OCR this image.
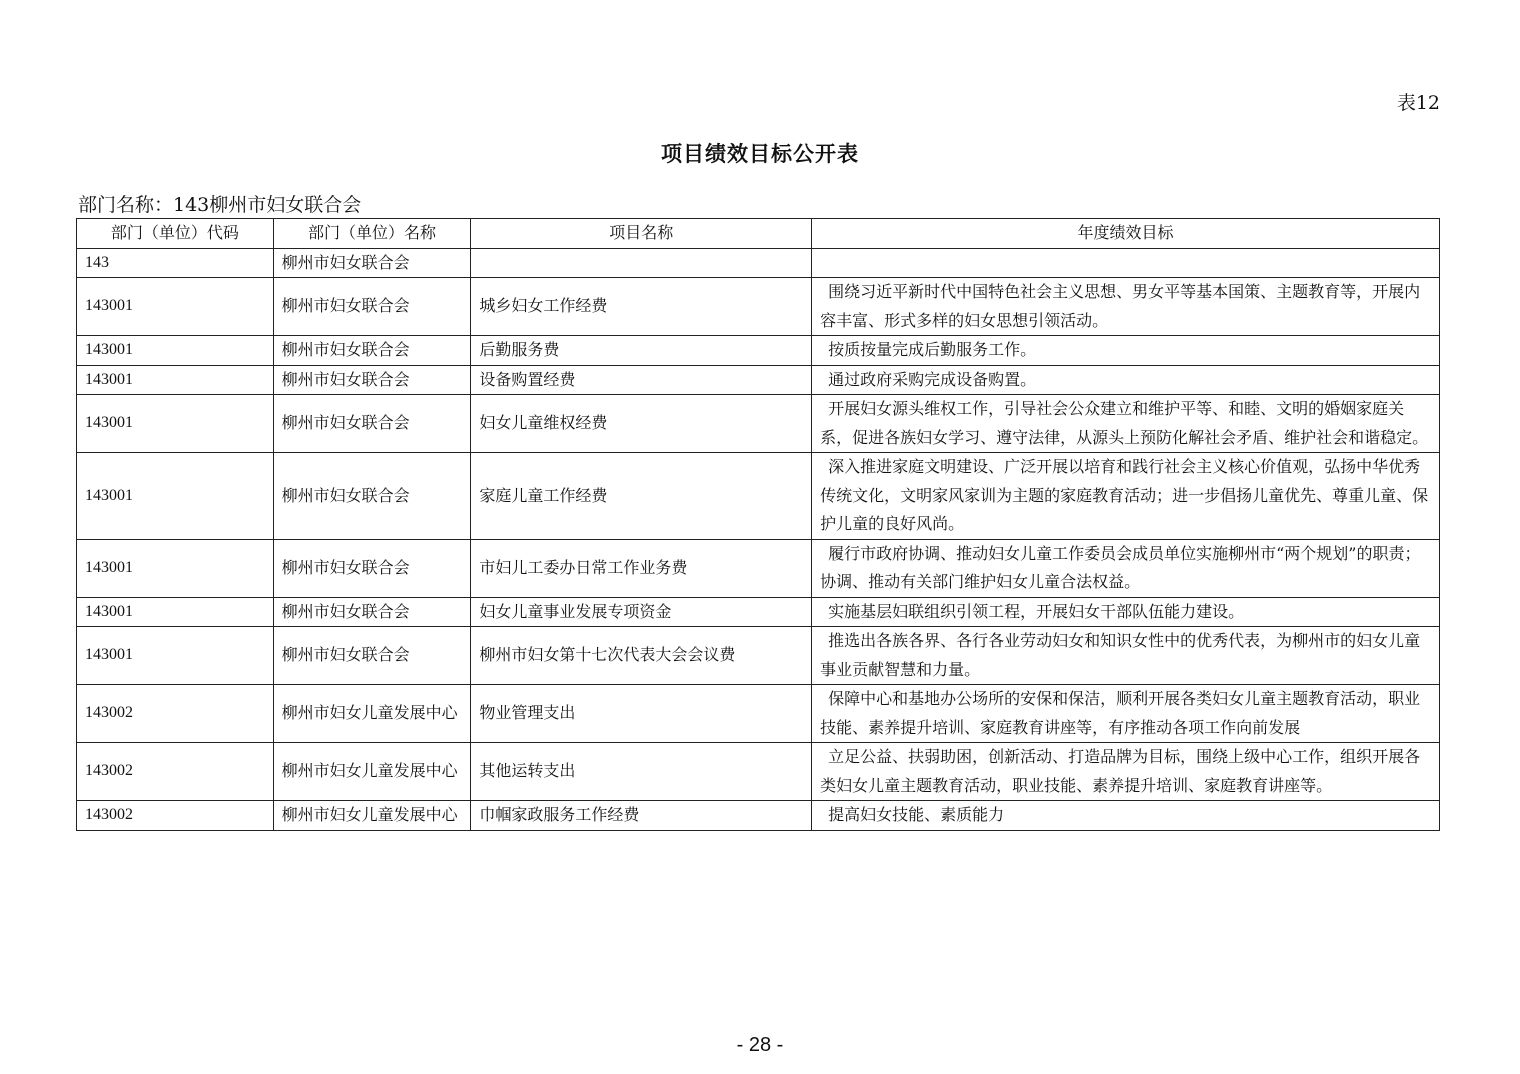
表12
项目绩效目标公开表
部门名称：143柳州市妇女联合会
部门（单位）代码	部门（单位）名称	项目名称	年度绩效目标
143	柳州市妇女联合会		
143001	柳州市妇女联合会	城乡妇女工作经费	围绕习近平新时代中国特色社会主义思想、男女平等基本国策、主题教育等，开展内容丰富、形式多样的妇女思想引领活动。
143001	柳州市妇女联合会	后勤服务费	按质按量完成后勤服务工作。
143001	柳州市妇女联合会	设备购置经费	通过政府采购完成设备购置。
143001	柳州市妇女联合会	妇女儿童维权经费	开展妇女源头维权工作，引导社会公众建立和维护平等、和睦、文明的婚姻家庭关系，促进各族妇女学习、遵守法律，从源头上预防化解社会矛盾、维护社会和谐稳定。
143001	柳州市妇女联合会	家庭儿童工作经费	深入推进家庭文明建设、广泛开展以培育和践行社会主义核心价值观，弘扬中华优秀传统文化，文明家风家训为主题的家庭教育活动；进一步倡扬儿童优先、尊重儿童、保护儿童的良好风尚。
143001	柳州市妇女联合会	市妇儿工委办日常工作业务费	履行市政府协调、推动妇女儿童工作委员会成员单位实施柳州市“两个规划”的职责；协调、推动有关部门维护妇女儿童合法权益。
143001	柳州市妇女联合会	妇女儿童事业发展专项资金	实施基层妇联组织引领工程，开展妇女干部队伍能力建设。
143001	柳州市妇女联合会	柳州市妇女第十七次代表大会会议费	推选出各族各界、各行各业劳动妇女和知识女性中的优秀代表，为柳州市的妇女儿童事业贡献智慧和力量。
143002	柳州市妇女儿童发展中心	物业管理支出	保障中心和基地办公场所的安保和保洁，顺利开展各类妇女儿童主题教育活动，职业技能、素养提升培训、家庭教育讲座等，有序推动各项工作向前发展
143002	柳州市妇女儿童发展中心	其他运转支出	立足公益、扶弱助困，创新活动、打造品牌为目标，围绕上级中心工作，组织开展各类妇女儿童主题教育活动，职业技能、素养提升培训、家庭教育讲座等。
143002	柳州市妇女儿童发展中心	巾帼家政服务工作经费	提高妇女技能、素质能力
- 28 -
